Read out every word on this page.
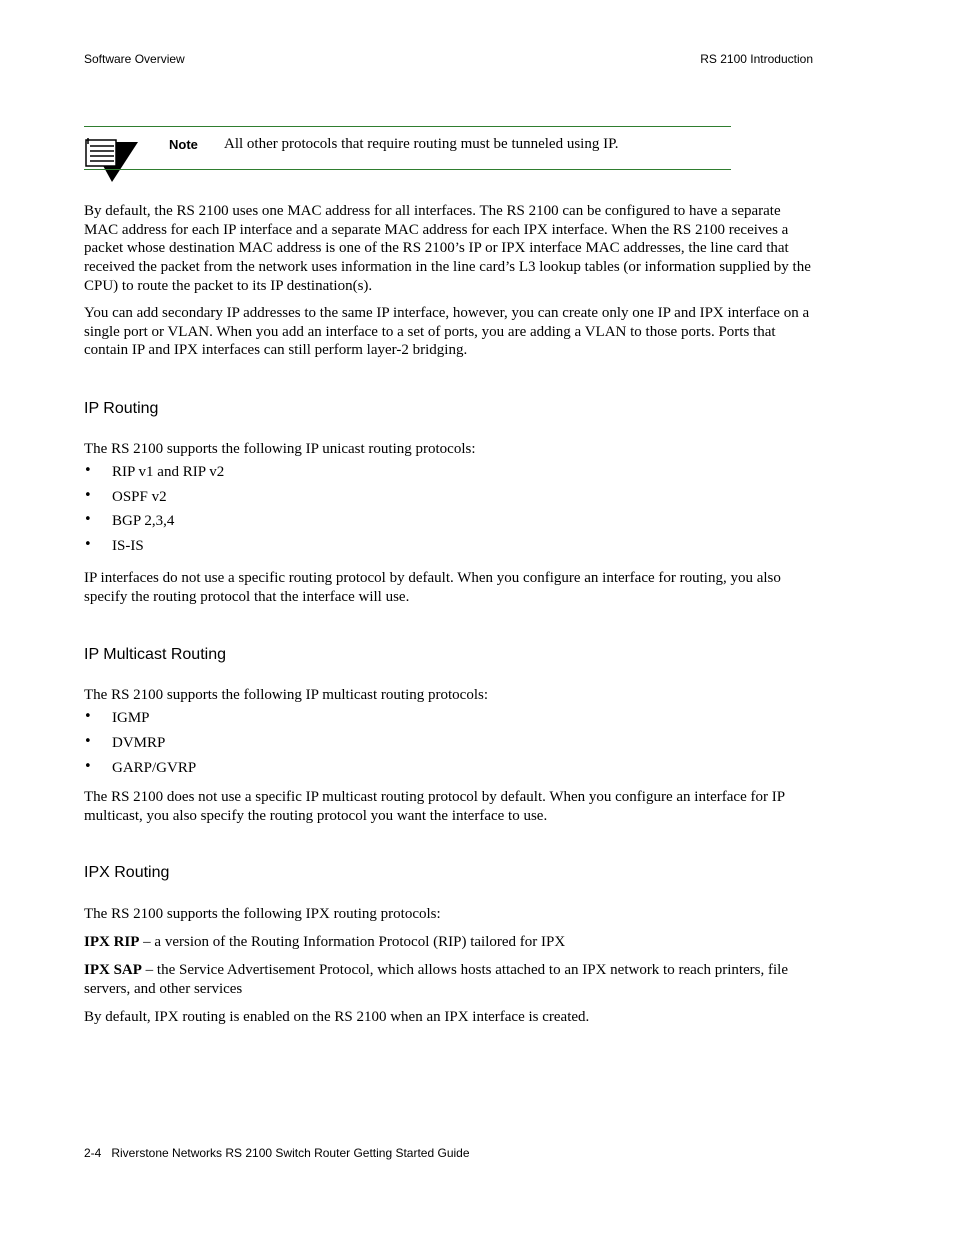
Software Overview	RS 2100 Introduction
Note All other protocols that require routing must be tunneled using IP.
By default, the RS 2100 uses one MAC address for all interfaces. The RS 2100 can be configured to have a separate MAC address for each IP interface and a separate MAC address for each IPX interface. When the RS 2100 receives a packet whose destination MAC address is one of the RS 2100’s IP or IPX interface MAC addresses, the line card that received the packet from the network uses information in the line card’s L3 lookup tables (or information supplied by the CPU) to route the packet to its IP destination(s).
You can add secondary IP addresses to the same IP interface, however, you can create only one IP and IPX interface on a single port or VLAN. When you add an interface to a set of ports, you are adding a VLAN to those ports. Ports that contain IP and IPX interfaces can still perform layer-2 bridging.
IP Routing
The RS 2100 supports the following IP unicast routing protocols:
• RIP v1 and RIP v2
• OSPF v2
• BGP 2,3,4
• IS-IS
IP interfaces do not use a specific routing protocol by default. When you configure an interface for routing, you also specify the routing protocol that the interface will use.
IP Multicast Routing
The RS 2100 supports the following IP multicast routing protocols:
• IGMP
• DVMRP
• GARP/GVRP
The RS 2100 does not use a specific IP multicast routing protocol by default. When you configure an interface for IP multicast, you also specify the routing protocol you want the interface to use.
IPX Routing
The RS 2100 supports the following IPX routing protocols:
IPX RIP – a version of the Routing Information Protocol (RIP) tailored for IPX
IPX SAP – the Service Advertisement Protocol, which allows hosts attached to an IPX network to reach printers, file servers, and other services
By default, IPX routing is enabled on the RS 2100 when an IPX interface is created.
2-4 Riverstone Networks RS 2100 Switch Router Getting Started Guide
